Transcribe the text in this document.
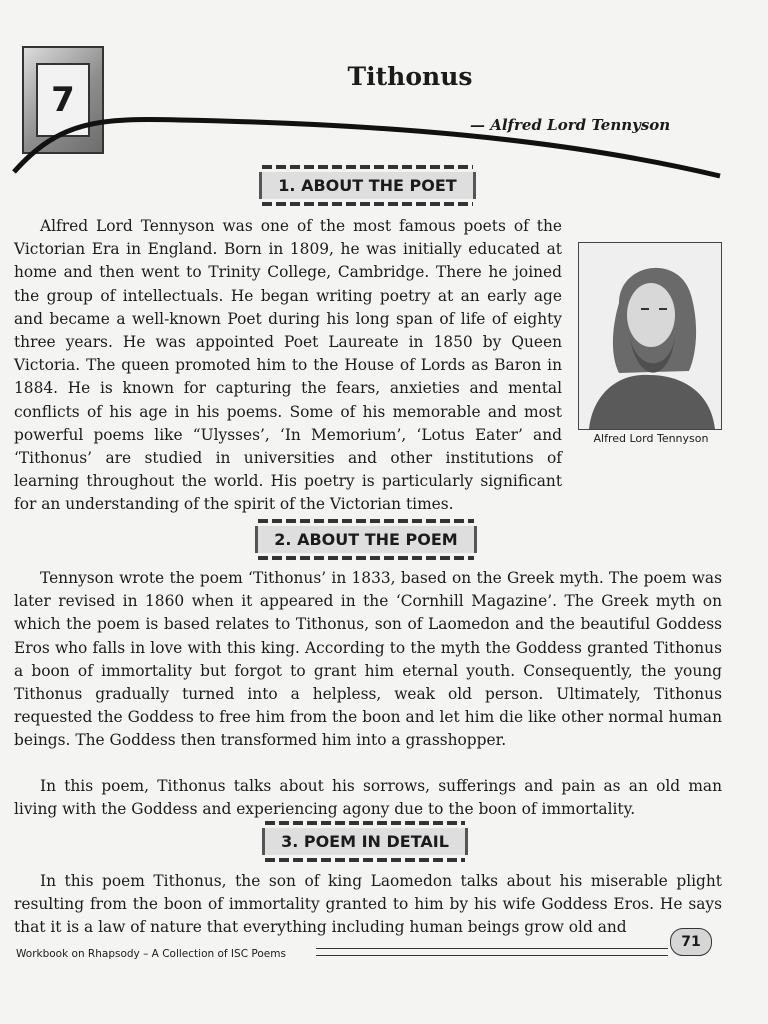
7
Tithonus
— Alfred Lord Tennyson
1. ABOUT THE POET

Alfred Lord Tennyson was one of the most famous poets of the Victorian Era in England. Born in 1809, he was initially educated at home and then went to Trinity College, Cambridge. There he joined the group of intellectuals. He began writing poetry at an early age and became a well-known Poet during his long span of life of eighty three years. He was appointed Poet Laureate in 1850 by Queen Victoria. The queen promoted him to the House of Lords as Baron in 1884. He is known for capturing the fears, anxieties and mental conflicts of his age in his poems. Some of his memorable and most powerful poems like “Ulysses’, ‘In Memorium’, ‘Lotus Eater’ and ‘Tithonus’ are studied in universities and other institutions of learning throughout the world. His poetry is particularly significant for an understanding of the spirit of the Victorian times.

Alfred Lord Tennyson
2. ABOUT THE POEM

Tennyson wrote the poem ‘Tithonus’ in 1833, based on the Greek myth. The poem was later revised in 1860 when it appeared in the ‘Cornhill Magazine’. The Greek myth on which the poem is based relates to Tithonus, son of Laomedon and the beautiful Goddess Eros who falls in love with this king. According to the myth the Goddess granted Tithonus a boon of immortality but forgot to grant him eternal youth. Consequently, the young Tithonus gradually turned into a helpless, weak old person. Ultimately, Tithonus requested the Goddess to free him from the boon and let him die like other normal human beings. The Goddess then transformed him into a grasshopper.

In this poem, Tithonus talks about his sorrows, sufferings and pain as an old man living with the Goddess and experiencing agony due to the boon of immortality.

3. POEM IN DETAIL

In this poem Tithonus, the son of king Laomedon talks about his miserable plight resulting from the boon of immortality granted to him by his wife Goddess Eros. He says that it is a law of nature that everything including human beings grow old and

Workbook on Rhapsody – A Collection of ISC Poems
71
